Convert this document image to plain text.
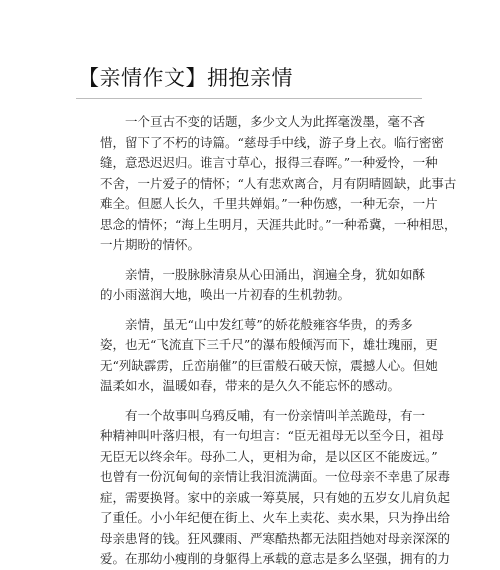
【亲情作文】拥抱亲情
一个亘古不变的话题，多少文人为此挥毫泼墨，毫不吝
惜，留下了不朽的诗篇。“慈母手中线，游子身上衣。临行密密
缝，意恐迟迟归。谁言寸草心，报得三春晖。”一种爱怜，一种
不舍，一片爱子的情怀；“人有悲欢离合，月有阴晴圆缺，此事古
难全。但愿人长久，千里共婵娟。”一种伤感，一种无奈，一片
思念的情怀；“海上生明月，天涯共此时。”一种希冀，一种相思，
一片期盼的情怀。
亲情，一股脉脉清泉从心田涌出，润遍全身，犹如如酥
的小雨滋润大地，唤出一片初春的生机勃勃。
亲情，虽无“山中发红萼”的娇花般雍容华贵，的秀多
姿，也无“飞流直下三千尺”的瀑布般倾泻而下，雄壮瑰丽，更
无“列缺霹雳，丘峦崩催”的巨雷般石破天惊，震撼人心。但她
温柔如水，温暖如春，带来的是久久不能忘怀的感动。
有一个故事叫乌鸦反哺，有一份亲情叫羊羔跪母，有一
种精神叫叶落归根，有一句坦言：“臣无祖母无以至今日，祖母
无臣无以终余年。母孙二人，更相为命，是以区区不能废远。”
也曾有一份沉甸甸的亲情让我泪流满面。一位母亲不幸患了尿毒
症，需要换肾。家中的亲戚一筹莫展，只有她的五岁女儿肩负起
了重任。小小年纪便在街上、火车上卖花、卖水果，只为挣出给
母亲患肾的钱。狂风骤雨、严寒酷热都无法阻挡她对母亲深深的
爱。在那幼小瘦削的身躯得上承载的意志是多么坚强，拥有的力
